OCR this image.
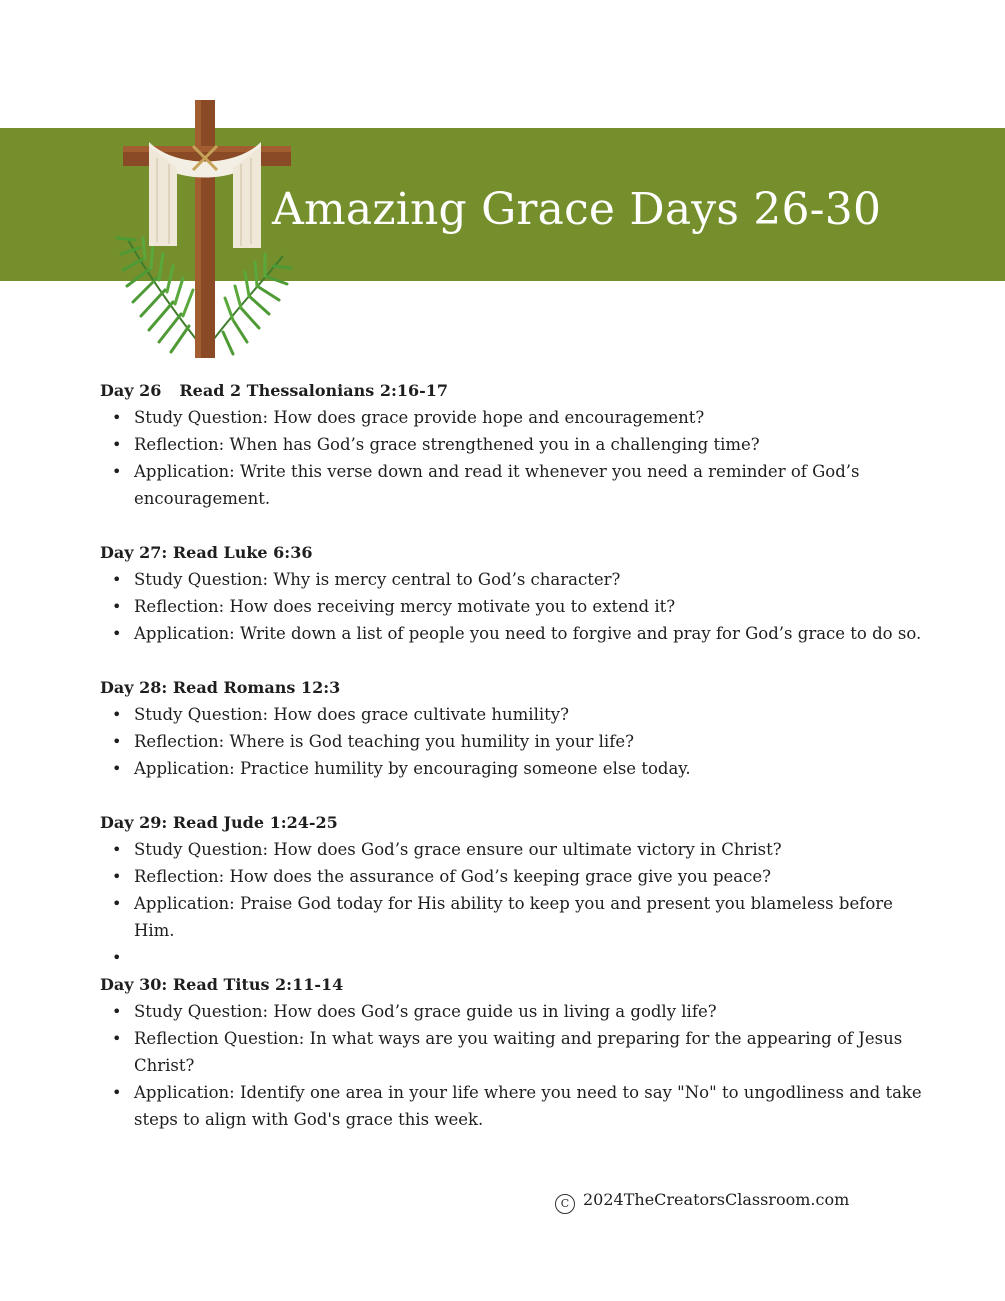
Amazing Grace Days 26-30
Day 26 Read 2 Thessalonians 2:16-17
• Study Question: How does grace provide hope and encouragement?
• Reflection: When has God’s grace strengthened you in a challenging time?
• Application: Write this verse down and read it whenever you need a reminder of God’s encouragement.
Day 27: Read Luke 6:36
• Study Question: Why is mercy central to God’s character?
• Reflection: How does receiving mercy motivate you to extend it?
• Application: Write down a list of people you need to forgive and pray for God’s grace to do so.
Day 28: Read Romans 12:3
• Study Question: How does grace cultivate humility?
• Reflection: Where is God teaching you humility in your life?
• Application: Practice humility by encouraging someone else today.
Day 29: Read Jude 1:24-25
• Study Question: How does God’s grace ensure our ultimate victory in Christ?
• Reflection: How does the assurance of God’s keeping grace give you peace?
• Application: Praise God today for His ability to keep you and present you blameless before Him.
•
Day 30: Read Titus 2:11-14
• Study Question: How does God’s grace guide us in living a godly life?
• Reflection Question: In what ways are you waiting and preparing for the appearing of Jesus Christ?
• Application: Identify one area in your life where you need to say "No" to ungodliness and take steps to align with God's grace this week.
C 2024TheCreatorsClassroom.com
